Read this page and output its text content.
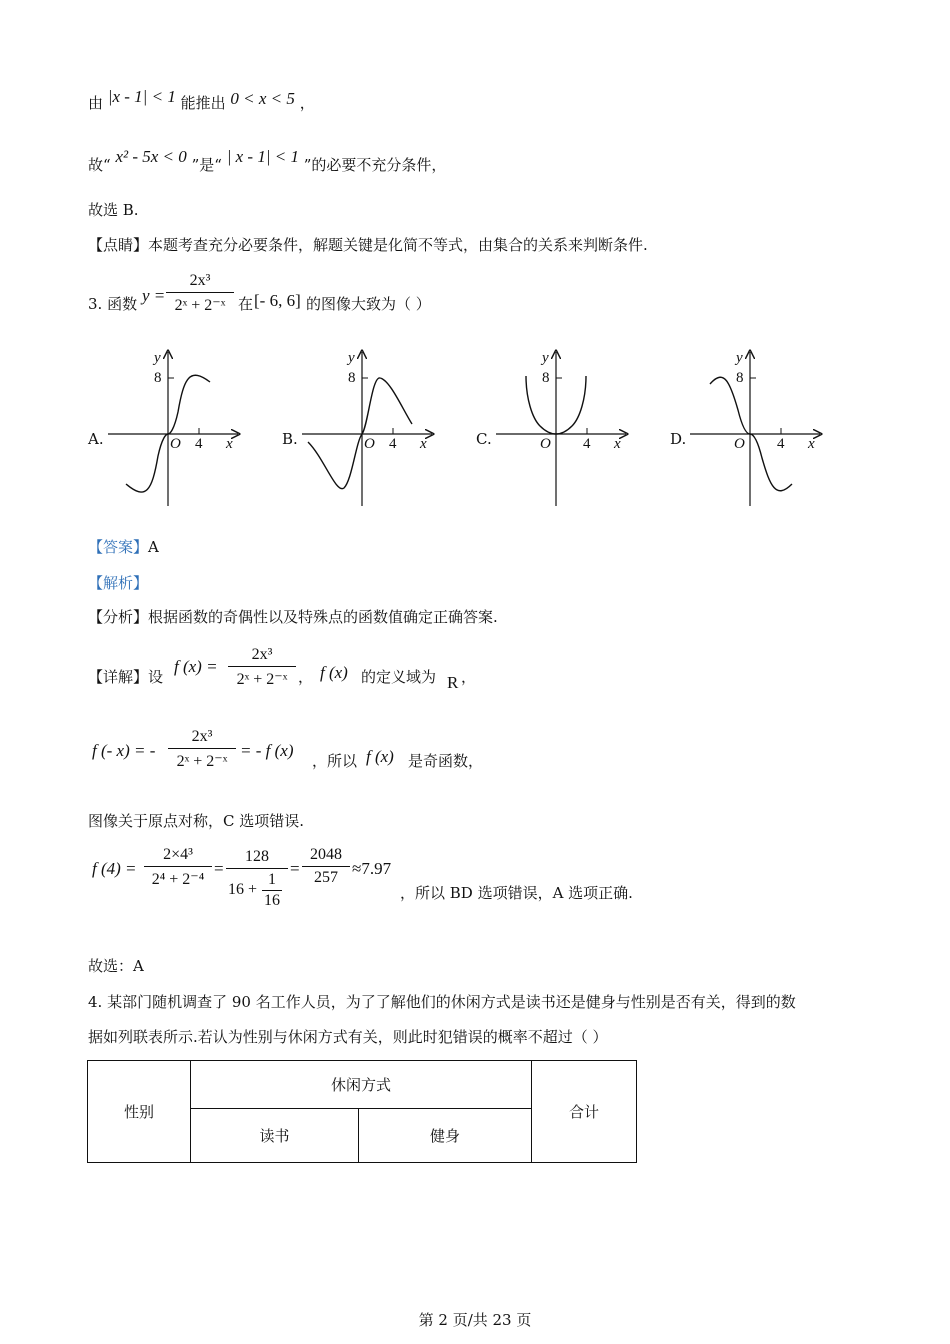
由 |x - 1| < 1 能推出 0 < x < 5 ，
故“ x² - 5x < 0 ”是“ | x - 1| < 1 ”的必要不充分条件，
故选 B.
【点睛】本题考查充分必要条件，解题关键是化简不等式，由集合的关系来判断条件.
3. 函数 y =
2x³
2ˣ + 2⁻ˣ 在 [- 6, 6] 的图像大致为（ ）
A.
y
8
O 4 x	B.
y
8
O 4 x	C.
y
8
O 4 x	D.
y
8
O 4 x
【答案】A
【解析】
【分析】根据函数的奇偶性以及特殊点的函数值确定正确答案.
【详解】设
f (x) =
2x³
2ˣ + 2⁻ˣ ， f (x) 的定义域为 R ，
f (- x) = -
2x³
2ˣ + 2⁻ˣ
= - f (x)
，所以 f (x) 是奇函数，
图像关于原点对称，C 选项错误.
f (4) =
2×4³
2⁴ + 2⁻⁴
=
128
16 +
1
16
=
2048
257 ≈7.97
，所以 BD 选项错误，A 选项正确.
故选：A
4. 某部门随机调查了 90 名工作人员，为了了解他们的休闲方式是读书还是健身与性别是否有关，得到的数
据如列联表所示.若认为性别与休闲方式有关，则此时犯错误的概率不超过（ ）
性别	休闲方式		合计
	读书	健身	
第 2 页/共 23 页
